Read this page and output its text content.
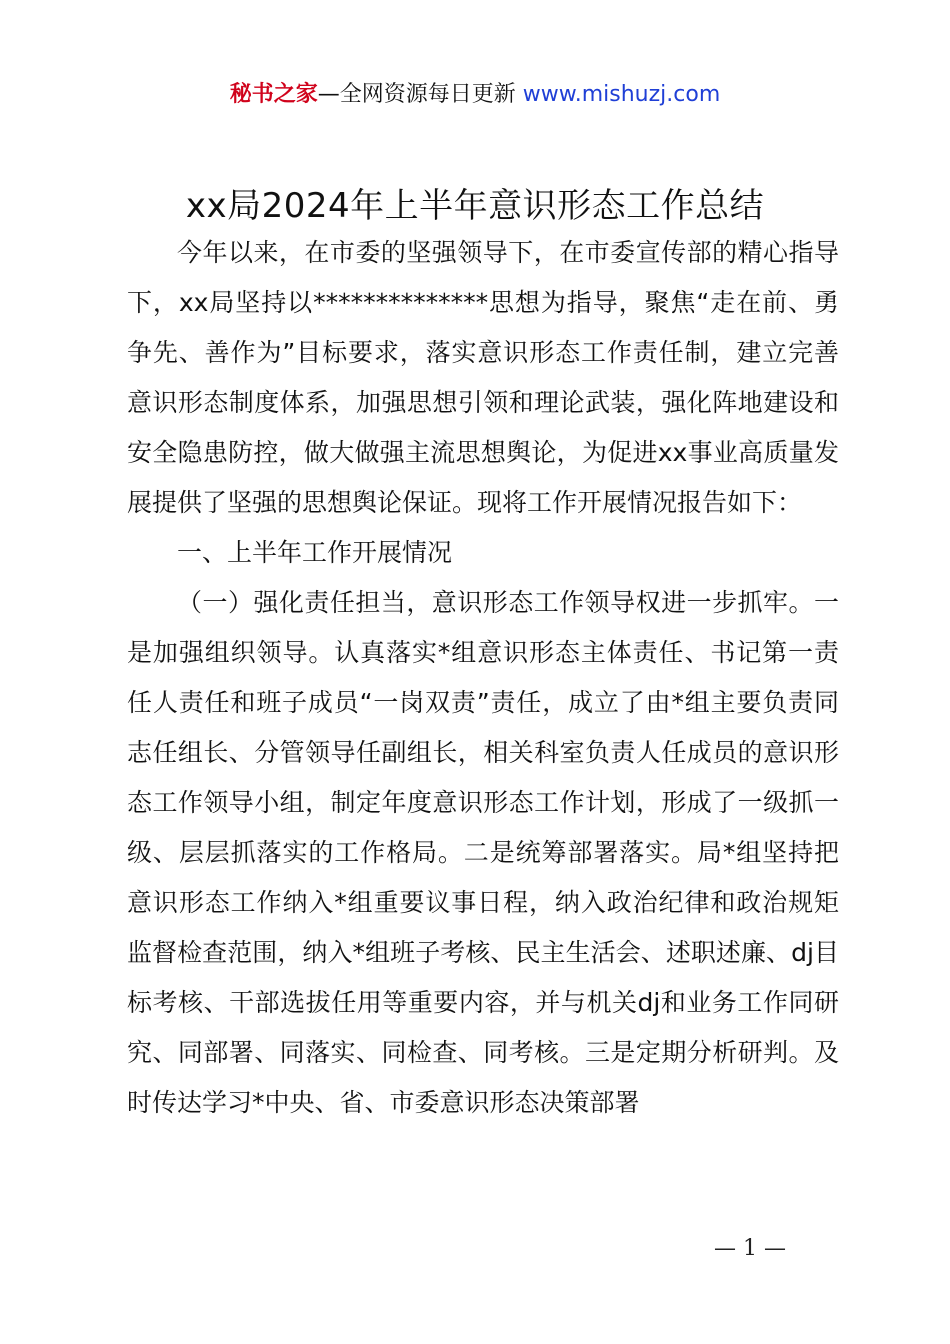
秘书之家—全网资源每日更新 www.mishuzj.com
xx局2024年上半年意识形态工作总结

今年以来，在市委的坚强领导下，在市委宣传部的精心指导下，xx局坚持以**************思想为指导，聚焦“走在前、勇争先、善作为”目标要求，落实意识形态工作责任制，建立完善意识形态制度体系，加强思想引领和理论武装，强化阵地建设和安全隐患防控，做大做强主流思想舆论，为促进xx事业高质量发展提供了坚强的思想舆论保证。现将工作开展情况报告如下：

一、上半年工作开展情况

（一）强化责任担当，意识形态工作领导权进一步抓牢。一是加强组织领导。认真落实*组意识形态主体责任、书记第一责任人责任和班子成员“一岗双责”责任，成立了由*组主要负责同志任组长、分管领导任副组长，相关科室负责人任成员的意识形态工作领导小组，制定年度意识形态工作计划，形成了一级抓一级、层层抓落实的工作格局。二是统筹部署落实。局*组坚持把意识形态工作纳入*组重要议事日程，纳入政治纪律和政治规矩监督检查范围，纳入*组班子考核、民主生活会、述职述廉、dj目标考核、干部选拔任用等重要内容，并与机关dj和业务工作同研究、同部署、同落实、同检查、同考核。三是定期分析研判。及时传达学习*中央、省、市委意识形态决策部署

— 1 —
